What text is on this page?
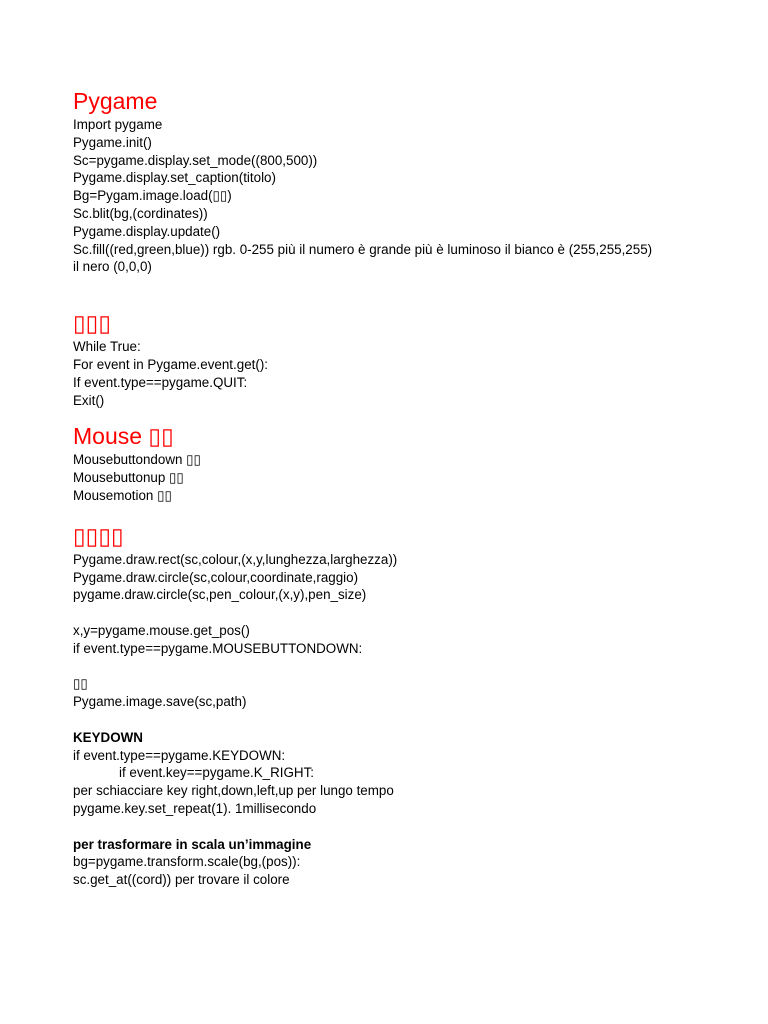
Pygame
Import pygame
Pygame.init()
Sc=pygame.display.set_mode((800,500))
Pygame.display.set_caption(titolo)
Bg=Pygam.image.load(▯▯)
Sc.blit(bg,(cordinates))
Pygame.display.update()
Sc.fill((red,green,blue)) rgb. 0-255 più il numero è grande più è luminoso il bianco è (255,255,255)
il nero (0,0,0)
▯▯▯
While True:
For event in Pygame.event.get():
If event.type==pygame.QUIT:
Exit()
Mouse ▯▯
Mousebuttondown ▯▯
Mousebuttonup ▯▯
Mousemotion ▯▯
▯▯▯▯
Pygame.draw.rect(sc,colour,(x,y,lunghezza,larghezza))
Pygame.draw.circle(sc,colour,coordinate,raggio)
pygame.draw.circle(sc,pen_colour,(x,y),pen_size)
x,y=pygame.mouse.get_pos()
if event.type==pygame.MOUSEBUTTONDOWN:
▯▯
Pygame.image.save(sc,path)
KEYDOWN
if event.type==pygame.KEYDOWN:
if event.key==pygame.K_RIGHT:
per schiacciare key right,down,left,up per lungo tempo
pygame.key.set_repeat(1). 1millisecondo
per trasformare in scala un’immagine
bg=pygame.transform.scale(bg,(pos)):
sc.get_at((cord)) per trovare il colore
